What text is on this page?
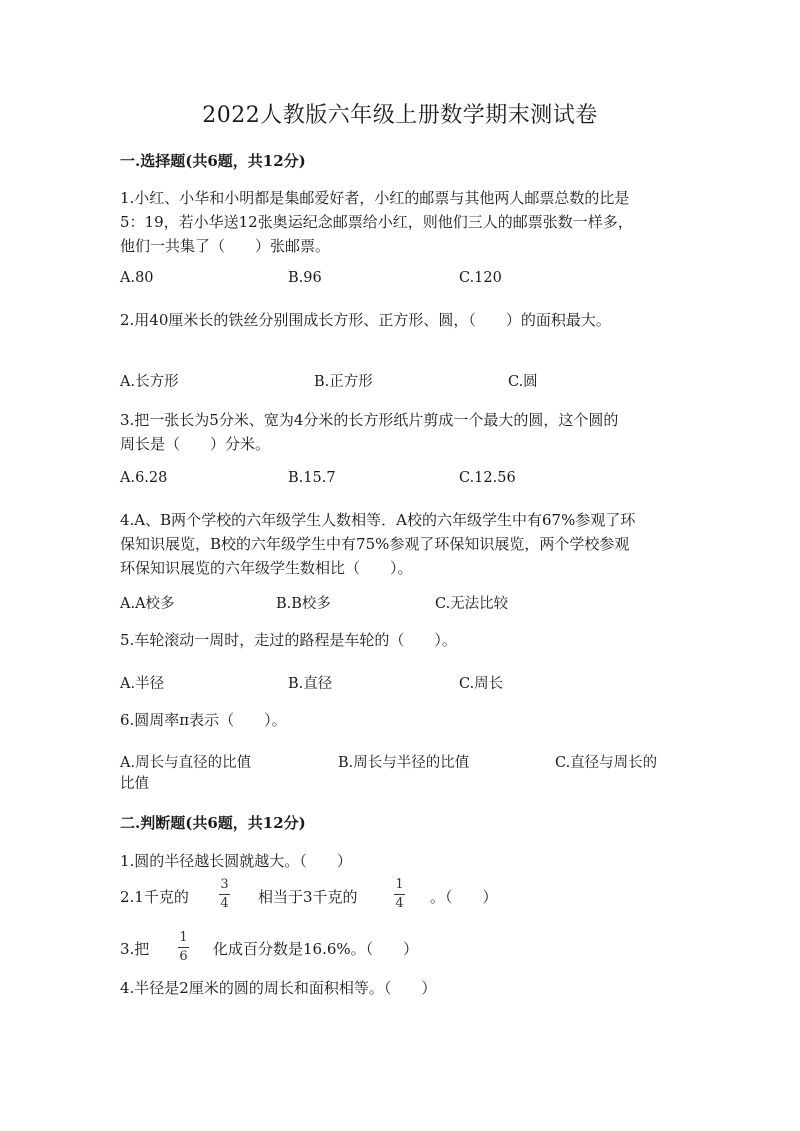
2022人教版六年级上册数学期末测试卷
一.选择题(共6题，共12分)
1.小红、小华和小明都是集邮爱好者，小红的邮票与其他两人邮票总数的比是
5：19，若小华送12张奥运纪念邮票给小红，则他们三人的邮票张数一样多，
他们一共集了（　　）张邮票。
A.80	B.96	C.120
2.用40厘米长的铁丝分别围成长方形、正方形、圆，（　　）的面积最大。
A.长方形	B.正方形	C.圆
3.把一张长为5分米、宽为4分米的长方形纸片剪成一个最大的圆，这个圆的
周长是（　　）分米。
A.6.28	B.15.7	C.12.56
4.A、B两个学校的六年级学生人数相等．A校的六年级学生中有67%参观了环
保知识展览，B校的六年级学生中有75%参观了环保知识展览，两个学校参观
环保知识展览的六年级学生数相比（　　）。
A.A校多	B.B校多	C.无法比较
5.车轮滚动一周时，走过的路程是车轮的（　　）。
A.半径	B.直径	C.周长
6.圆周率π表示（　　）。
A.周长与直径的比值	B.周长与半径的比值	C.直径与周长的
比值
二.判断题(共6题，共12分)
1.圆的半径越长圆就越大。（　　）
2.1千克的
3
4 相当于3千克的
1
4 。（　　）
3.把
1
6 化成百分数是16.6%。（　　）
4.半径是2厘米的圆的周长和面积相等。（　　）
